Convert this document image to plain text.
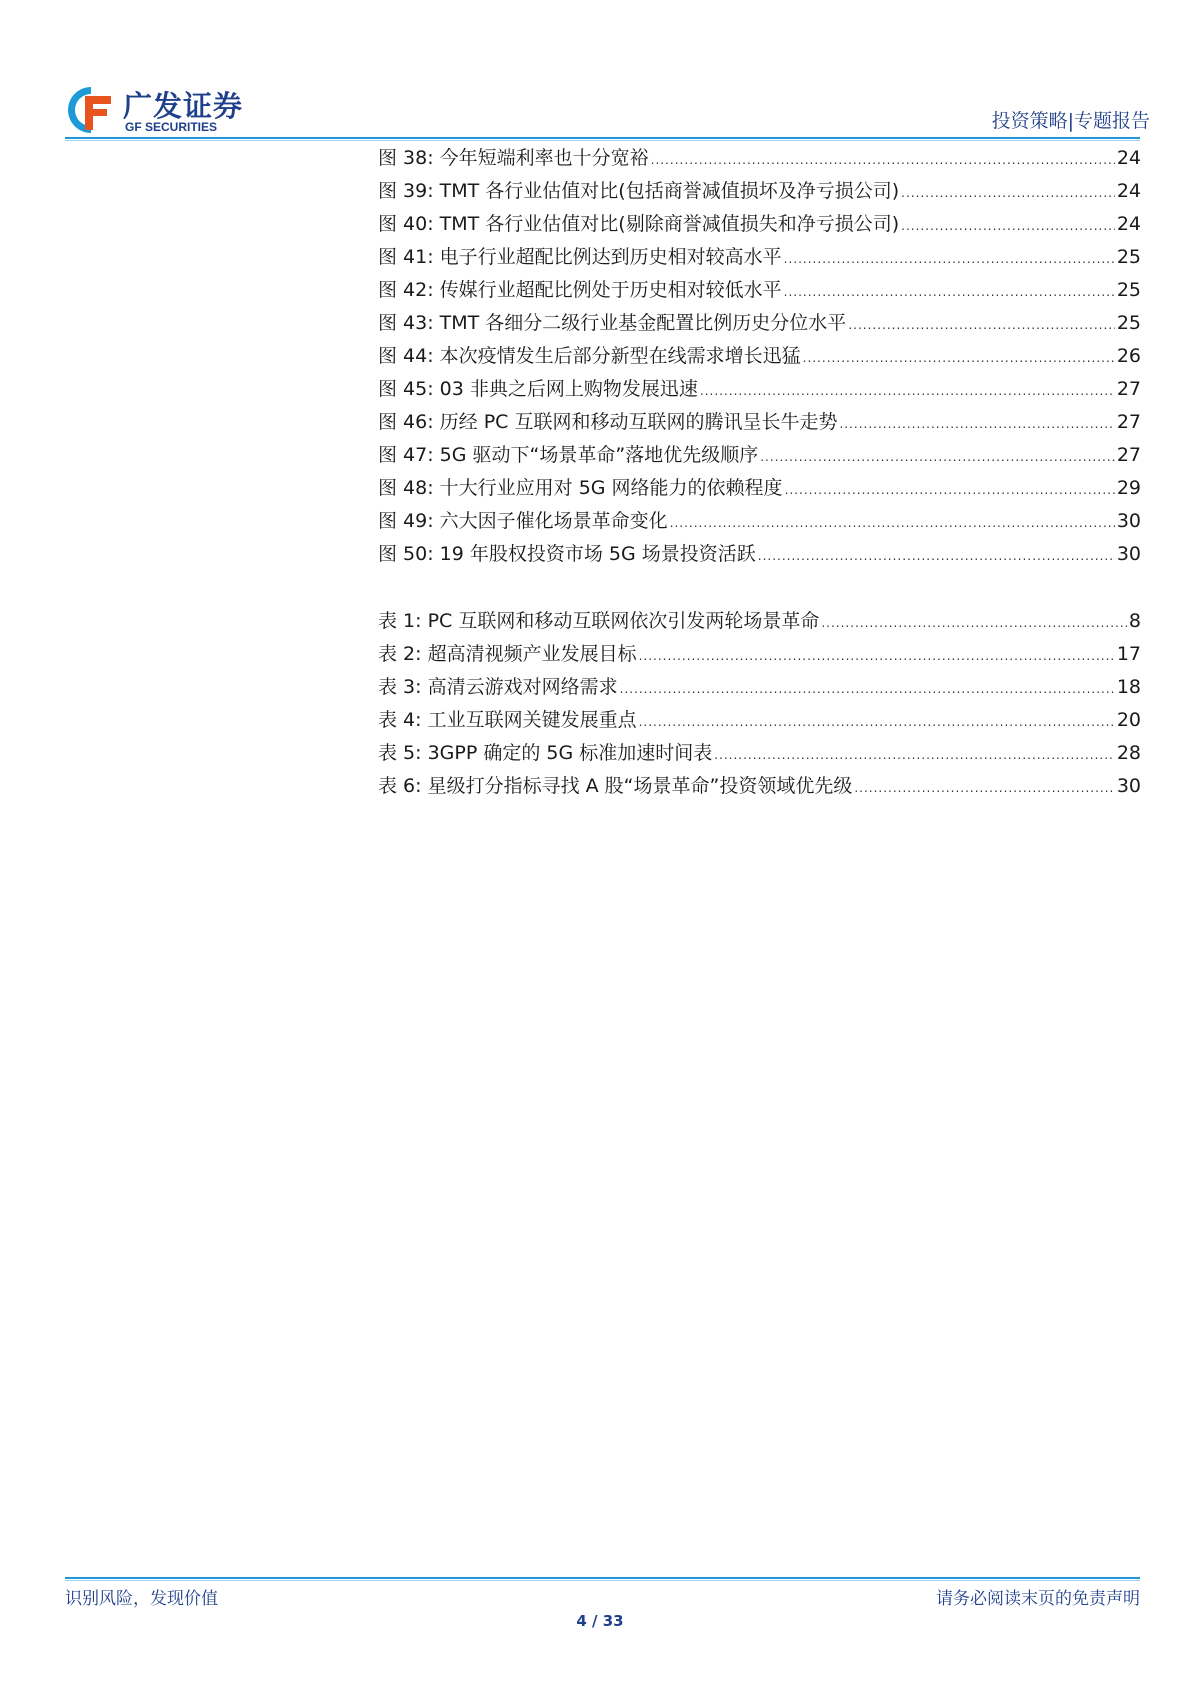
广发证券
GF SECURITIES	投资策略|专题报告
图 38: 今年短端利率也十分宽裕 .....	24
图 39: TMT 各行业估值对比(包括商誉减值损坏及净亏损公司) .....	24
图 40: TMT 各行业估值对比(剔除商誉减值损失和净亏损公司) .....	24
图 41: 电子行业超配比例达到历史相对较高水平 .....	25
图 42: 传媒行业超配比例处于历史相对较低水平 .....	25
图 43: TMT 各细分二级行业基金配置比例历史分位水平 .....	25
图 44: 本次疫情发生后部分新型在线需求增长迅猛 .....	26
图 45: 03 非典之后网上购物发展迅速 .....	27
图 46: 历经 PC 互联网和移动互联网的腾讯呈长牛走势 .....	27
图 47: 5G 驱动下“场景革命”落地优先级顺序 .....	27
图 48: 十大行业应用对 5G 网络能力的依赖程度 .....	29
图 49: 六大因子催化场景革命变化 .....	30
图 50: 19 年股权投资市场 5G 场景投资活跃 .....	30
表 1: PC 互联网和移动互联网依次引发两轮场景革命 .....	8
表 2: 超高清视频产业发展目标 .....	17
表 3: 高清云游戏对网络需求 .....	18
表 4: 工业互联网关键发展重点 .....	20
表 5: 3GPP 确定的 5G 标准加速时间表 .....	28
表 6: 星级打分指标寻找 A 股“场景革命”投资领域优先级 .....	30
识别风险，发现价值	请务必阅读末页的免责声明
4 / 33
